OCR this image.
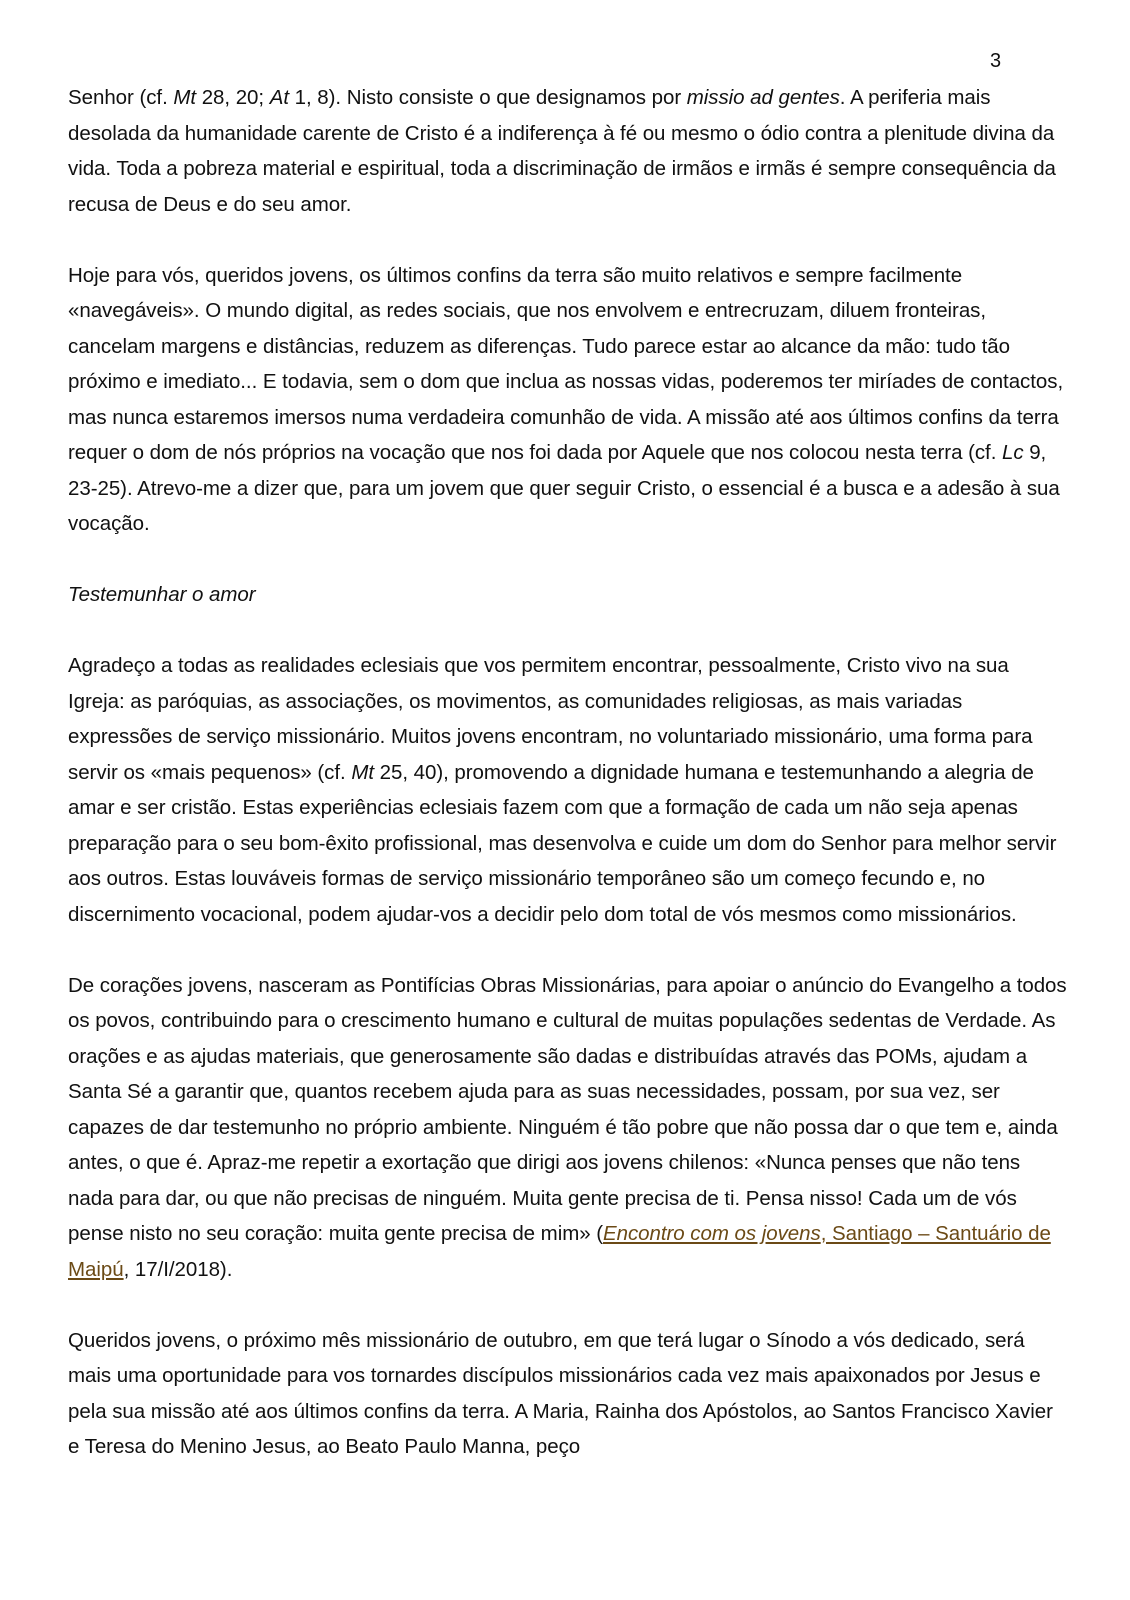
3

Senhor (cf. Mt 28, 20; At 1, 8). Nisto consiste o que designamos por missio ad gentes. A periferia mais desolada da humanidade carente de Cristo é a indiferença à fé ou mesmo o ódio contra a plenitude divina da vida. Toda a pobreza material e espiritual, toda a discriminação de irmãos e irmãs é sempre consequência da recusa de Deus e do seu amor.

Hoje para vós, queridos jovens, os últimos confins da terra são muito relativos e sempre facilmente «navegáveis». O mundo digital, as redes sociais, que nos envolvem e entrecruzam, diluem fronteiras, cancelam margens e distâncias, reduzem as diferenças. Tudo parece estar ao alcance da mão: tudo tão próximo e imediato... E todavia, sem o dom que inclua as nossas vidas, poderemos ter miríades de contactos, mas nunca estaremos imersos numa verdadeira comunhão de vida. A missão até aos últimos confins da terra requer o dom de nós próprios na vocação que nos foi dada por Aquele que nos colocou nesta terra (cf. Lc 9, 23-25). Atrevo-me a dizer que, para um jovem que quer seguir Cristo, o essencial é a busca e a adesão à sua vocação.

Testemunhar o amor

Agradeço a todas as realidades eclesiais que vos permitem encontrar, pessoalmente, Cristo vivo na sua Igreja: as paróquias, as associações, os movimentos, as comunidades religiosas, as mais variadas expressões de serviço missionário. Muitos jovens encontram, no voluntariado missionário, uma forma para servir os «mais pequenos» (cf. Mt 25, 40), promovendo a dignidade humana e testemunhando a alegria de amar e ser cristão. Estas experiências eclesiais fazem com que a formação de cada um não seja apenas preparação para o seu bom-êxito profissional, mas desenvolva e cuide um dom do Senhor para melhor servir aos outros. Estas louváveis formas de serviço missionário temporâneo são um começo fecundo e, no discernimento vocacional, podem ajudar-vos a decidir pelo dom total de vós mesmos como missionários.

De corações jovens, nasceram as Pontifícias Obras Missionárias, para apoiar o anúncio do Evangelho a todos os povos, contribuindo para o crescimento humano e cultural de muitas populações sedentas de Verdade. As orações e as ajudas materiais, que generosamente são dadas e distribuídas através das POMs, ajudam a Santa Sé a garantir que, quantos recebem ajuda para as suas necessidades, possam, por sua vez, ser capazes de dar testemunho no próprio ambiente. Ninguém é tão pobre que não possa dar o que tem e, ainda antes, o que é. Apraz-me repetir a exortação que dirigi aos jovens chilenos: «Nunca penses que não tens nada para dar, ou que não precisas de ninguém. Muita gente precisa de ti. Pensa nisso! Cada um de vós pense nisto no seu coração: muita gente precisa de mim» (Encontro com os jovens, Santiago – Santuário de Maipú, 17/I/2018).

Queridos jovens, o próximo mês missionário de outubro, em que terá lugar o Sínodo a vós dedicado, será mais uma oportunidade para vos tornardes discípulos missionários cada vez mais apaixonados por Jesus e pela sua missão até aos últimos confins da terra. A Maria, Rainha dos Apóstolos, ao Santos Francisco Xavier e Teresa do Menino Jesus, ao Beato Paulo Manna, peço
